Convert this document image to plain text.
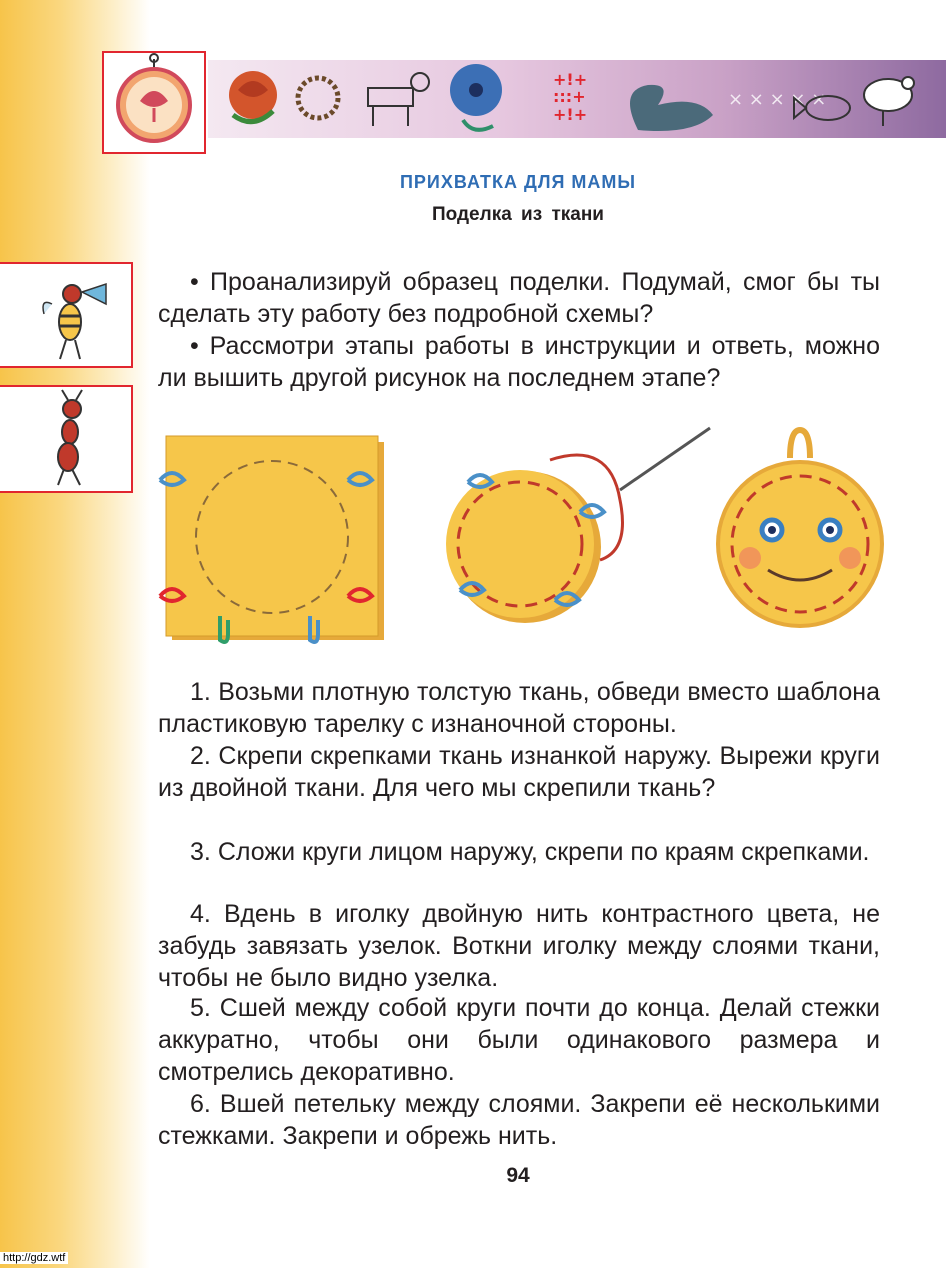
+!+
:::+
+!+
× × × × ×
ПРИХВАТКА ДЛЯ МАМЫ
Поделка из ткани
• Проанализируй образец поделки. Подумай, смог бы ты сделать эту работу без подробной схемы?
• Рассмотри этапы работы в инструкции и ответь, можно ли вышить другой рисунок на последнем этапе?
1. Возьми плотную толстую ткань, обведи вместо шаблона пластиковую тарелку с изнаночной стороны.
2. Скрепи скрепками ткань изнанкой наружу. Вырежи круги из двойной ткани. Для чего мы скрепили ткань?
3. Сложи круги лицом наружу, скрепи по краям скрепками.
4. Вдень в иголку двойную нить контрастного цвета, не забудь завязать узелок. Воткни иголку между слоями ткани, чтобы не было видно узелка.
5. Сшей между собой круги почти до конца. Делай стежки аккуратно, чтобы они были одинакового размера и смотрелись декоративно.
6. Вшей петельку между слоями. Закрепи её несколькими стежками. Закрепи и обрежь нить.
94
http://gdz.wtf
